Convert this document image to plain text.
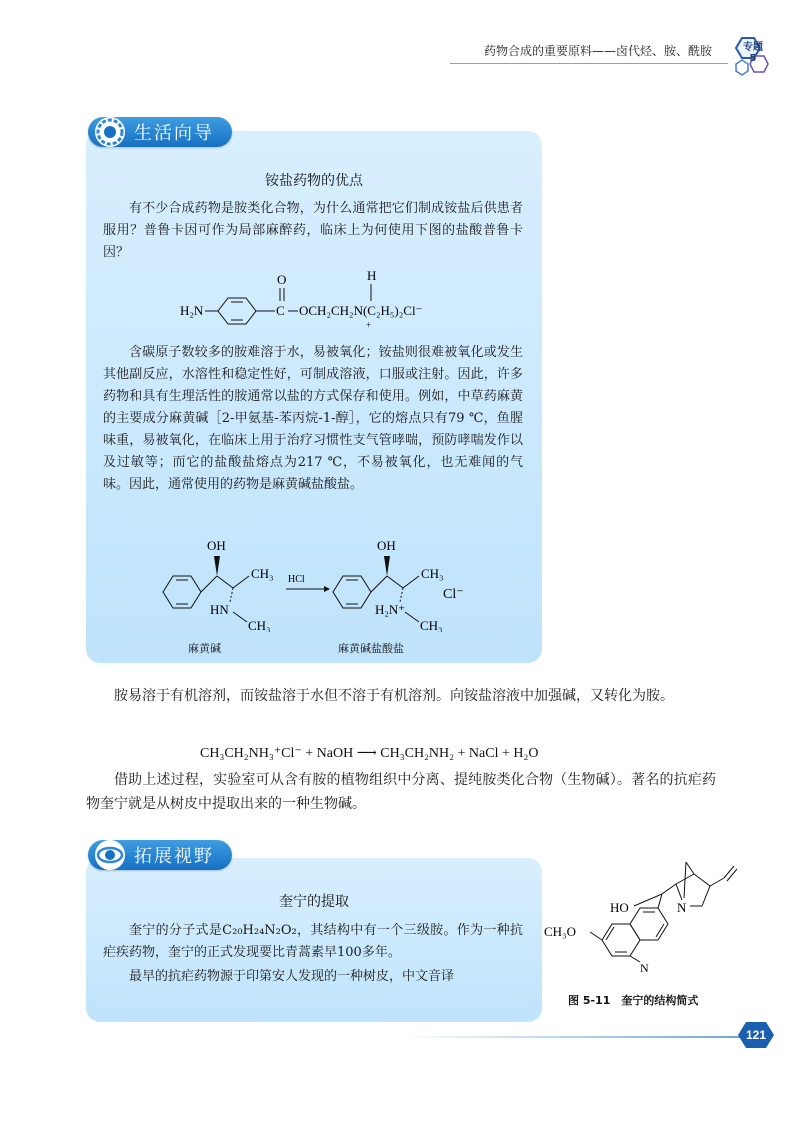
药物合成的重要原料——卤代烃、胺、酰胺	专题
5
生活向导
铵盐药物的优点
有不少合成药物是胺类化合物，为什么通常把它们制成铵盐后供患者服用？普鲁卡因可作为局部麻醉药，临床上为何使用下图的盐酸普鲁卡因？
H₂N	C
O
OCH₂CH₂N(C₂H₅)₂Cl⁻
H
+
含碳原子数较多的胺难溶于水，易被氧化；铵盐则很难被氧化或发生其他副反应，水溶性和稳定性好，可制成溶液，口服或注射。因此，许多药物和具有生理活性的胺通常以盐的方式保存和使用。例如，中草药麻黄的主要成分麻黄碱［2-甲氨基-苯丙烷-1-醇］，它的熔点只有79 ℃，鱼腥味重，易被氧化，在临床上用于治疗习惯性支气管哮喘，预防哮喘发作以及过敏等；而它的盐酸盐熔点为217 ℃，不易被氧化，也无难闻的气味。因此，通常使用的药物是麻黄碱盐酸盐。
OH
CH₃
HN
CH₃
麻黄碱
HCl
OH
CH₃
H₂N⁺
CH₃
Cl⁻
麻黄碱盐酸盐
胺易溶于有机溶剂，而铵盐溶于水但不溶于有机溶剂。向铵盐溶液中加强碱，又转化为胺。
CH₃CH₂NH₃⁺Cl⁻ + NaOH ⟶ CH₃CH₂NH₂ + NaCl + H₂O
借助上述过程，实验室可从含有胺的植物组织中分离、提纯胺类化合物（生物碱）。著名的抗疟药物奎宁就是从树皮中提取出来的一种生物碱。
拓展视野
奎宁的提取
奎宁的分子式是C₂₀H₂₄N₂O₂，其结构中有一个三级胺。作为一种抗疟疾药物，奎宁的正式发现要比青蒿素早100多年。
最早的抗疟药物源于印第安人发现的一种树皮，中文音译
N
CH₃O
HO	N
图 5-11　奎宁的结构简式
121
